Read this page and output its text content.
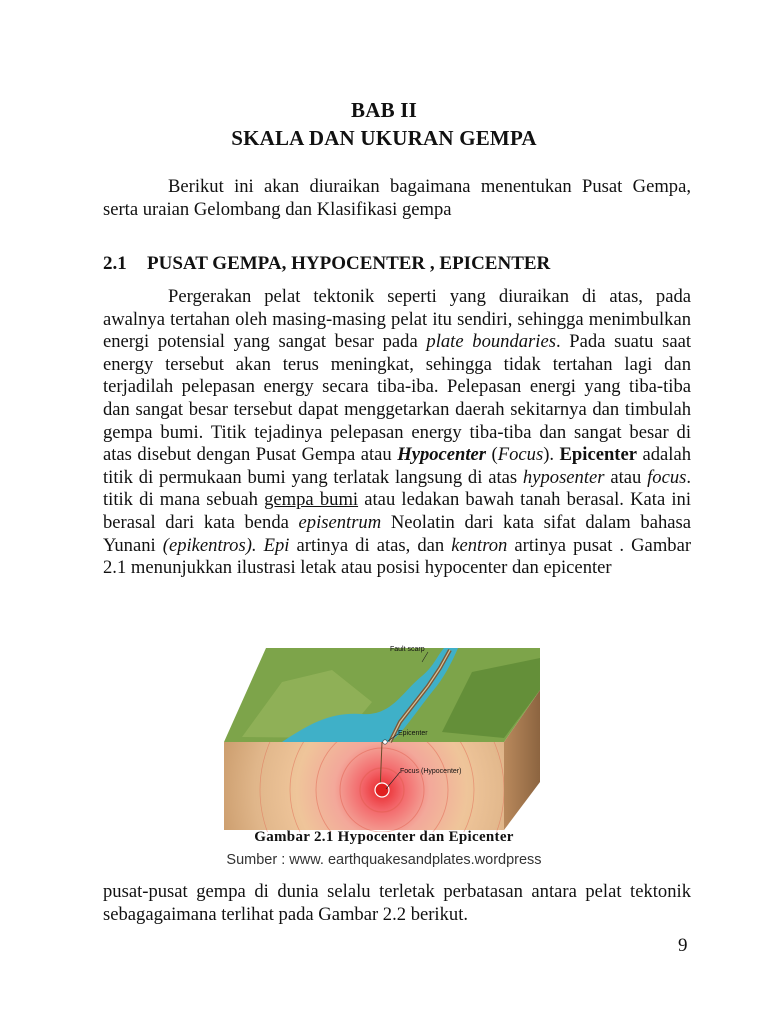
BAB II
SKALA DAN UKURAN GEMPA
Berikut ini akan diuraikan bagaimana menentukan Pusat Gempa, serta uraian Gelombang dan Klasifikasi gempa
2.1 PUSAT GEMPA, HYPOCENTER , EPICENTER
Pergerakan pelat tektonik seperti yang diuraikan di atas, pada awalnya tertahan oleh masing-masing pelat itu sendiri, sehingga menimbulkan energi potensial yang sangat besar pada plate boundaries. Pada suatu saat energy tersebut akan terus meningkat, sehingga tidak tertahan lagi dan terjadilah pelepasan energy secara tiba-iba. Pelepasan energi yang tiba-tiba dan sangat besar tersebut dapat menggetarkan daerah sekitarnya dan timbulah gempa bumi. Titik tejadinya pelepasan energy tiba-tiba dan sangat besar di atas disebut dengan Pusat Gempa atau Hypocenter (Focus). Epicenter adalah titik di permukaan bumi yang terlatak langsung di atas hyposenter atau focus. titik di mana sebuah gempa bumi atau ledakan bawah tanah berasal. Kata ini berasal dari kata benda episentrum Neolatin dari kata sifat dalam bahasa Yunani (epikentros). Epi artinya di atas, dan kentron artinya pusat . Gambar 2.1 menunjukkan ilustrasi letak atau posisi hypocenter dan epicenter
Fault scarp
Epicenter
Focus (Hypocenter)
Gambar 2.1 Hypocenter dan Epicenter
Sumber : www. earthquakesandplates.wordpress
pusat-pusat gempa di dunia selalu terletak perbatasan antara pelat tektonik sebagagaimana terlihat pada Gambar 2.2 berikut.
9
